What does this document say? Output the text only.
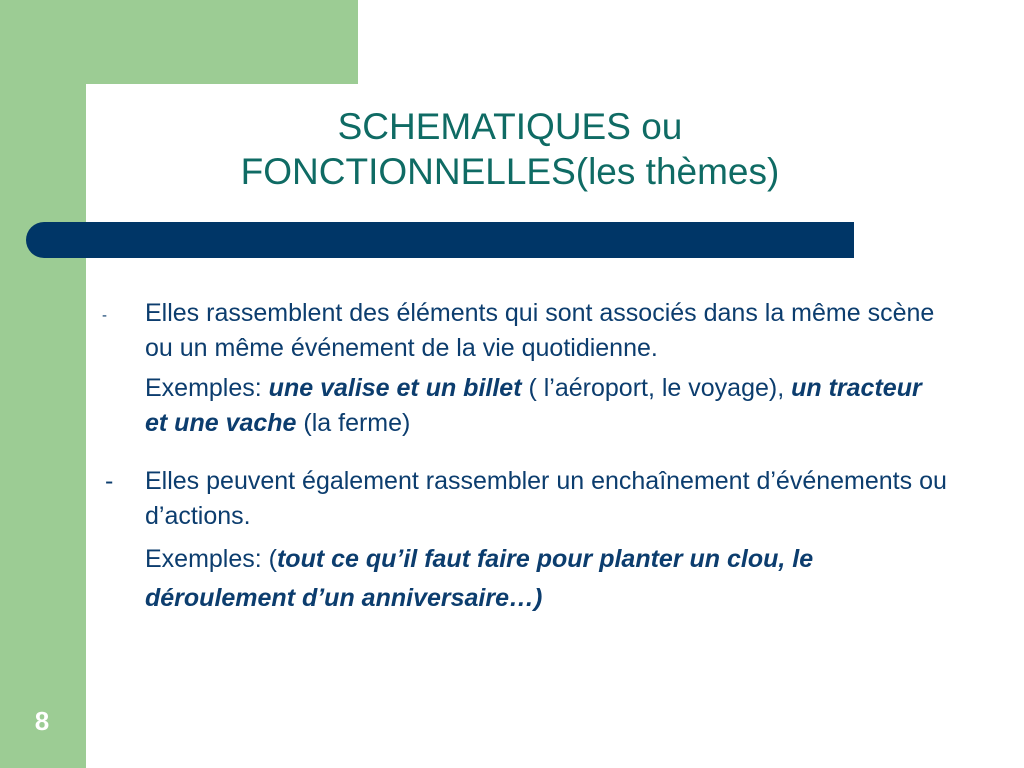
SCHEMATIQUES ou
FONCTIONNELLES(les thèmes)
- Elles rassemblent des éléments qui sont associés dans la même scène ou un même événement de la vie quotidienne.
Exemples: une valise et un billet ( l’aéroport, le voyage), un tracteur et une vache (la ferme)
- Elles peuvent également rassembler un enchaînement d’événements ou d’actions.
Exemples: (tout ce qu’il faut faire pour planter un clou, le déroulement d’un anniversaire…)
8
